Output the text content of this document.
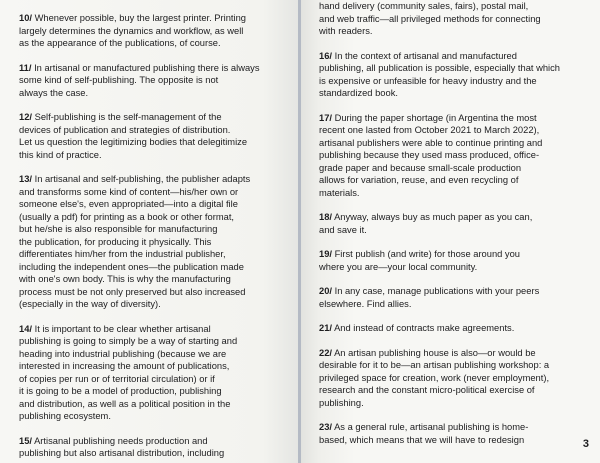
10/ Whenever possible, buy the largest printer. Printing
largely determines the dynamics and workflow, as well
as the appearance of the publications, of course.

11/ In artisanal or manufactured publishing there is always
some kind of self-publishing. The opposite is not
always the case.

12/ Self-publishing is the self-management of the
devices of publication and strategies of distribution.
Let us question the legitimizing bodies that delegitimize
this kind of practice.

13/ In artisanal and self-publishing, the publisher adapts
and transforms some kind of content—his/her own or
someone else's, even appropriated—into a digital file
(usually a pdf) for printing as a book or other format,
but he/she is also responsible for manufacturing
the publication, for producing it physically. This
differentiates him/her from the industrial publisher,
including the independent ones—the publication made
with one's own body. This is why the manufacturing
process must be not only preserved but also increased
(especially in the way of diversity).

14/ It is important to be clear whether artisanal
publishing is going to simply be a way of starting and
heading into industrial publishing (because we are
interested in increasing the amount of publications,
of copies per run or of territorial circulation) or if
it is going to be a model of production, publishing
and distribution, as well as a political position in the
publishing ecosystem.

15/ Artisanal publishing needs production and
publishing but also artisanal distribution, including

hand delivery (community sales, fairs), postal mail,
and web traffic—all privileged methods for connecting
with readers.

16/ In the context of artisanal and manufactured
publishing, all publication is possible, especially that which
is expensive or unfeasible for heavy industry and the
standardized book.

17/ During the paper shortage (in Argentina the most
recent one lasted from October 2021 to March 2022),
artisanal publishers were able to continue printing and
publishing because they used mass produced, office-
grade paper and because small-scale production
allows for variation, reuse, and even recycling of
materials.

18/ Anyway, always buy as much paper as you can,
and save it.

19/ First publish (and write) for those around you
where you are—your local community.

20/ In any case, manage publications with your peers
elsewhere. Find allies.

21/ And instead of contracts make agreements.

22/ An artisan publishing house is also—or would be
desirable for it to be—an artisan publishing workshop: a
privileged space for creation, work (never employment),
research and the constant micro-political exercise of
publishing.

23/ As a general rule, artisanal publishing is home-
based, which means that we will have to redesign	3
